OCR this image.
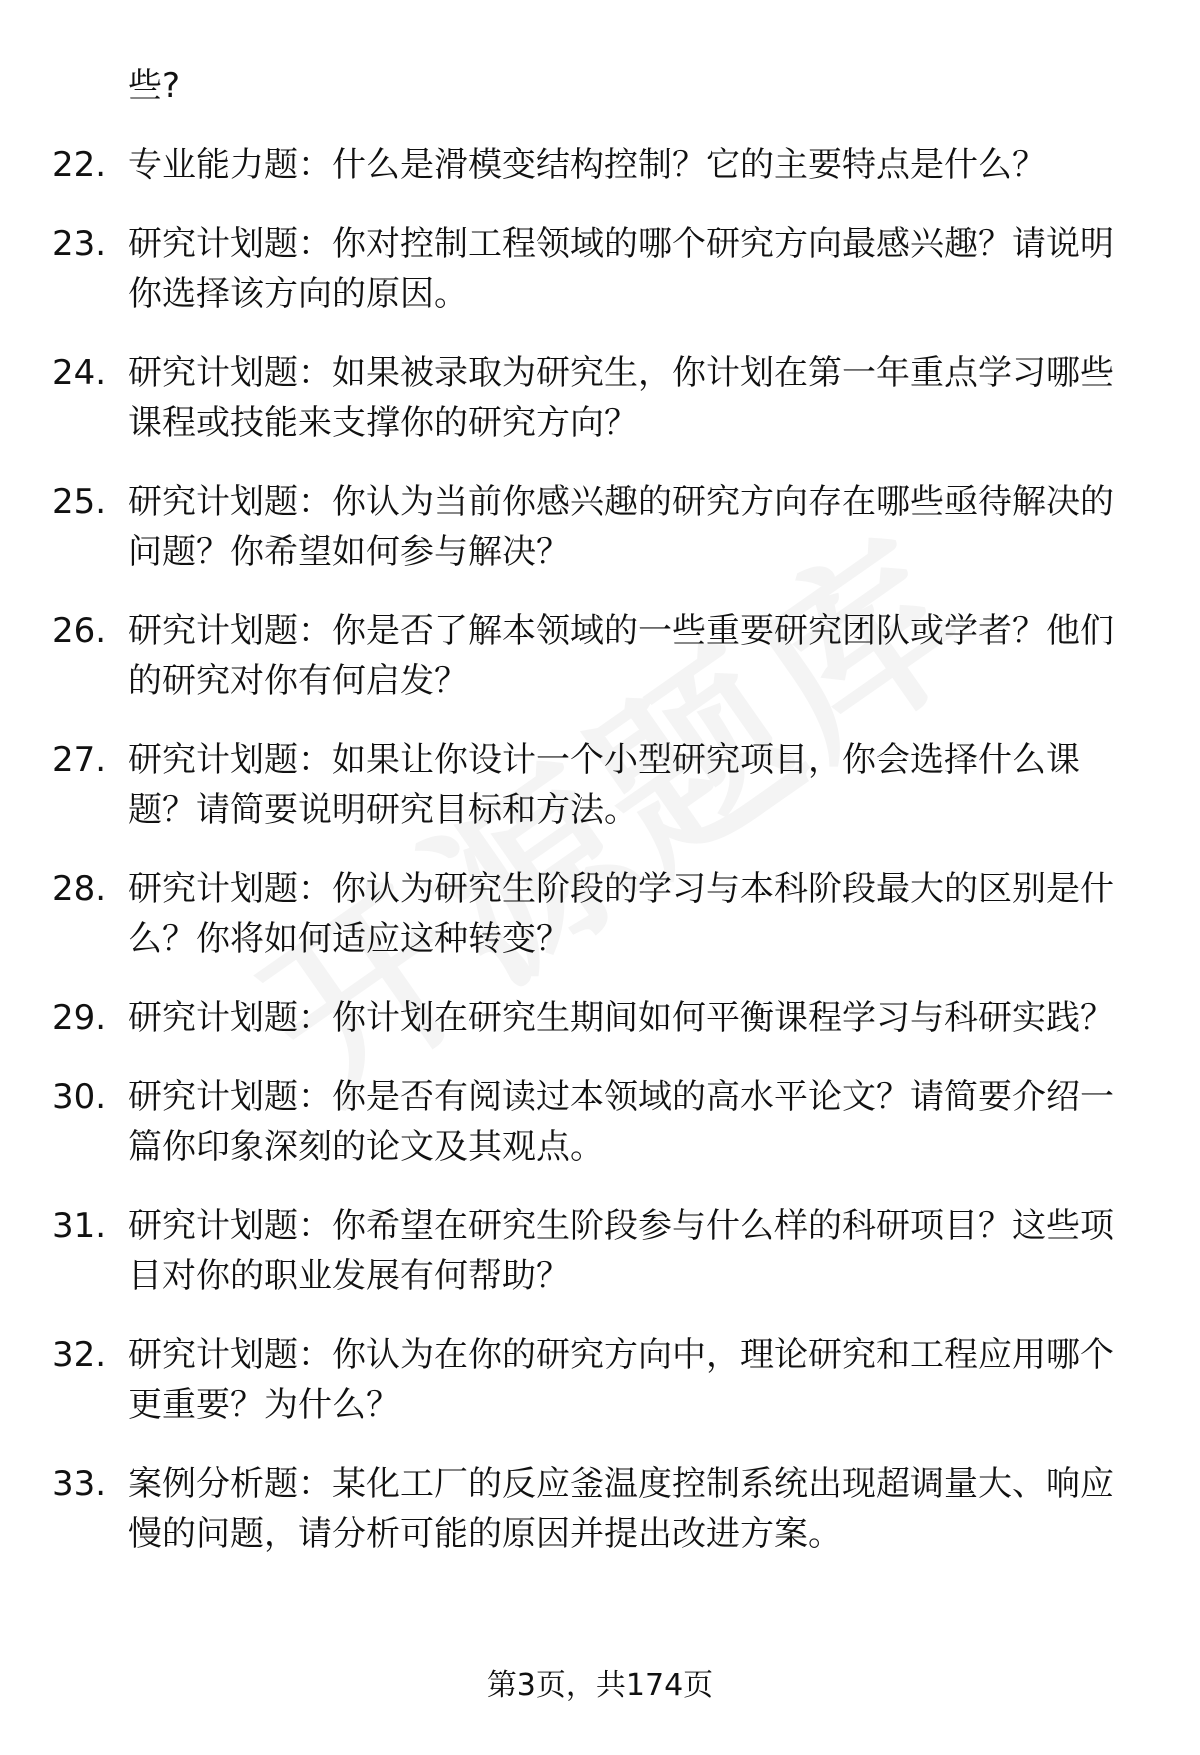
些?
22. 专业能力题：什么是滑模变结构控制？它的主要特点是什么？
23. 研究计划题：你对控制工程领域的哪个研究方向最感兴趣？请说明你选择该方向的原因。
24. 研究计划题：如果被录取为研究生，你计划在第一年重点学习哪些课程或技能来支撑你的研究方向？
25. 研究计划题：你认为当前你感兴趣的研究方向存在哪些亟待解决的问题？你希望如何参与解决？
26. 研究计划题：你是否了解本领域的一些重要研究团队或学者？他们的研究对你有何启发？
27. 研究计划题：如果让你设计一个小型研究项目，你会选择什么课题？请简要说明研究目标和方法。
28. 研究计划题：你认为研究生阶段的学习与本科阶段最大的区别是什么？你将如何适应这种转变？
29. 研究计划题：你计划在研究生期间如何平衡课程学习与科研实践？
30. 研究计划题：你是否有阅读过本领域的高水平论文？请简要介绍一篇你印象深刻的论文及其观点。
31. 研究计划题：你希望在研究生阶段参与什么样的科研项目？这些项目对你的职业发展有何帮助？
32. 研究计划题：你认为在你的研究方向中，理论研究和工程应用哪个更重要？为什么？
33. 案例分析题：某化工厂的反应釜温度控制系统出现超调量大、响应慢的问题，请分析可能的原因并提出改进方案。
第3页，共174页
